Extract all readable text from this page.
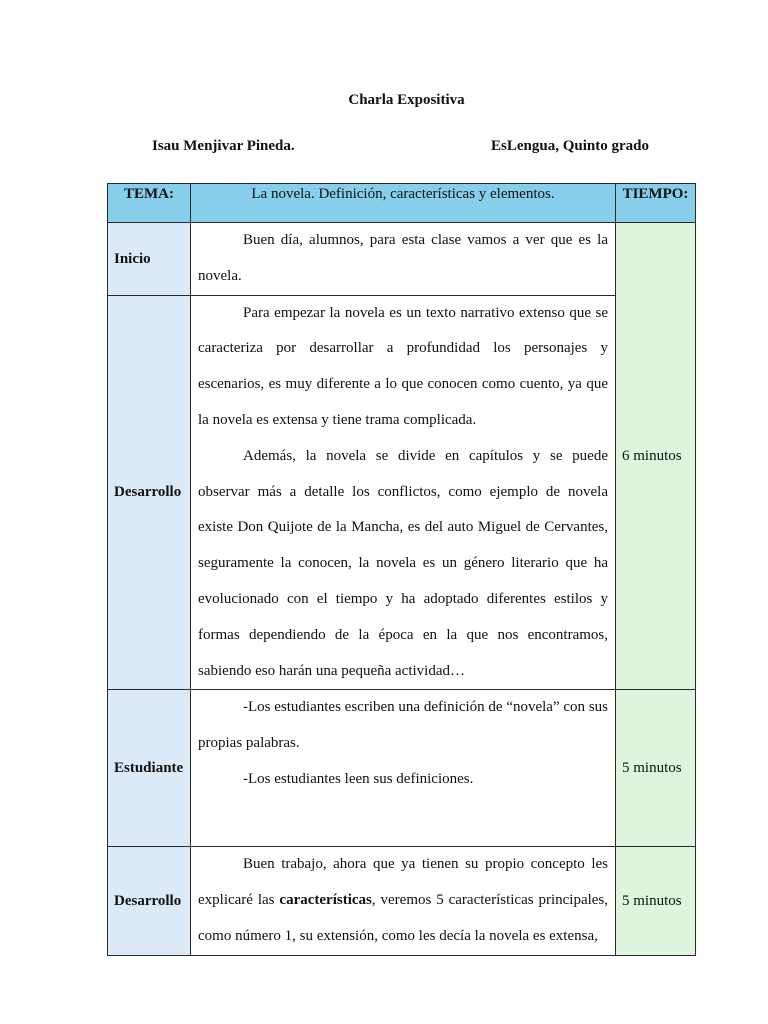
Charla Expositiva
Isau Menjivar Pineda.	EsLengua, Quinto grado
TEMA:	La novela. Definición, características y elementos.	TIEMPO:
Inicio	Buen día, alumnos, para esta clase vamos a ver que es la novela.	6 minutos
Desarrollo	Para empezar la novela es un texto narrativo extenso que se caracteriza por desarrollar a profundidad los personajes y escenarios, es muy diferente a lo que conocen como cuento, ya que la novela es extensa y tiene trama complicada.

Además, la novela se divide en capítulos y se puede observar más a detalle los conflictos, como ejemplo de novela existe Don Quijote de la Mancha, es del auto Miguel de Cervantes, seguramente la conocen, la novela es un género literario que ha evolucionado con el tiempo y ha adoptado diferentes estilos y formas dependiendo de la época en la que nos encontramos, sabiendo eso harán una pequeña actividad…	

Estudiante	-Los estudiantes escriben una definición de “novela” con sus propias palabras.

-Los estudiantes leen sus definiciones.	5 minutos
Desarrollo	Buen trabajo, ahora que ya tienen su propio concepto les explicaré las características, veremos 5 características principales, como número 1, su extensión, como les decía la novela es extensa,	5 minutos
